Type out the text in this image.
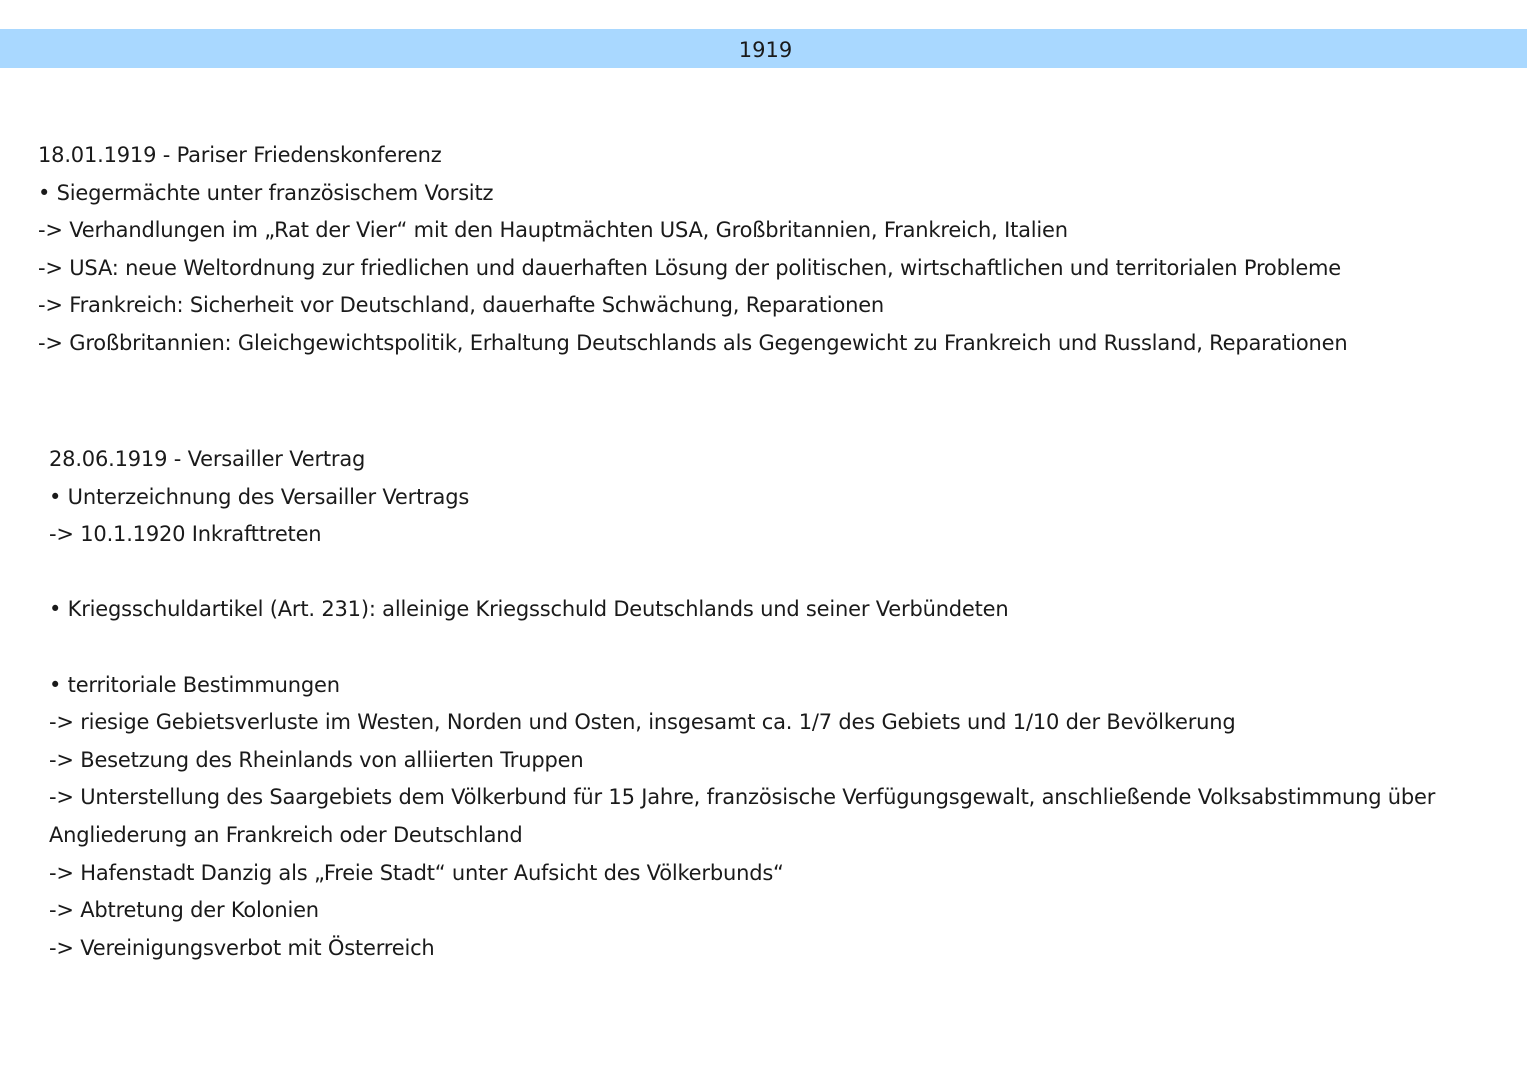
1919
18.01.1919 - Pariser Friedenskonferenz
• Siegermächte unter französischem Vorsitz
-> Verhandlungen im „Rat der Vier“ mit den Hauptmächten USA, Großbritannien, Frankreich, Italien
-> USA: neue Weltordnung zur friedlichen und dauerhaften Lösung der politischen, wirtschaftlichen und territorialen Probleme
-> Frankreich: Sicherheit vor Deutschland, dauerhafte Schwächung, Reparationen
-> Großbritannien: Gleichgewichtspolitik, Erhaltung Deutschlands als Gegengewicht zu Frankreich und Russland, Reparationen
28.06.1919 - Versailler Vertrag
• Unterzeichnung des Versailler Vertrags
-> 10.1.1920 Inkrafttreten
• Kriegsschuldartikel (Art. 231): alleinige Kriegsschuld Deutschlands und seiner Verbündeten
• territoriale Bestimmungen
-> riesige Gebietsverluste im Westen, Norden und Osten, insgesamt ca. 1/7 des Gebiets und 1/10 der Bevölkerung
-> Besetzung des Rheinlands von alliierten Truppen
-> Unterstellung des Saargebiets dem Völkerbund für 15 Jahre, französische Verfügungsgewalt, anschließende Volksabstimmung über
Angliederung an Frankreich oder Deutschland
-> Hafenstadt Danzig als „Freie Stadt“ unter Aufsicht des Völkerbunds“
-> Abtretung der Kolonien
-> Vereinigungsverbot mit Österreich
